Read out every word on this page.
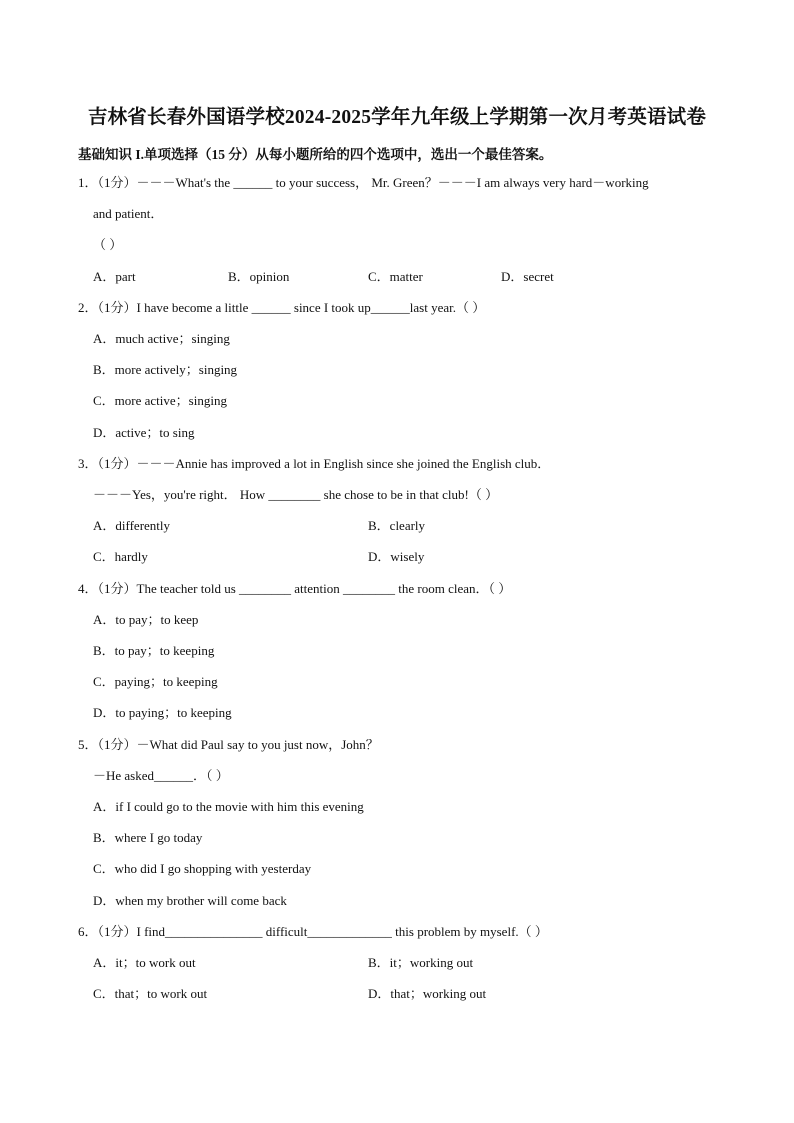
吉林省长春外国语学校2024-2025学年九年级上学期第一次月考英语试卷
基础知识 I.单项选择（15 分）从每小题所给的四个选项中，选出一个最佳答案。
1．（1分）－－－What's the ______ to your success， Mr. Green？－－－I am always very hard－working
and patient．
（ ）
A．part	B．opinion	C．matter	D．secret
2．（1分）I have become a little ______ since I took up______last year.（ ）
A．much active；singing
B．more actively；singing
C．more active；singing
D．active；to sing
3．（1分）－－－Annie has improved a lot in English since she joined the English club．
－－－Yes，you're right． How ________ she chose to be in that club!（ ）
A．differently	B．clearly
C．hardly	D．wisely
4．（1分）The teacher told us ________ attention ________ the room clean．（ ）
A．to pay；to keep
B．to pay；to keeping
C．paying；to keeping
D．to paying；to keeping
5．（1分）－What did Paul say to you just now，John？
－He asked______．（ ）
A．if I could go to the movie with him this evening
B．where I go today
C．who did I go shopping with yesterday
D．when my brother will come back
6．（1分）I find_______________ difficult_____________ this problem by myself.（ ）
A．it；to work out	B．it；working out
C．that；to work out	D．that；working out
